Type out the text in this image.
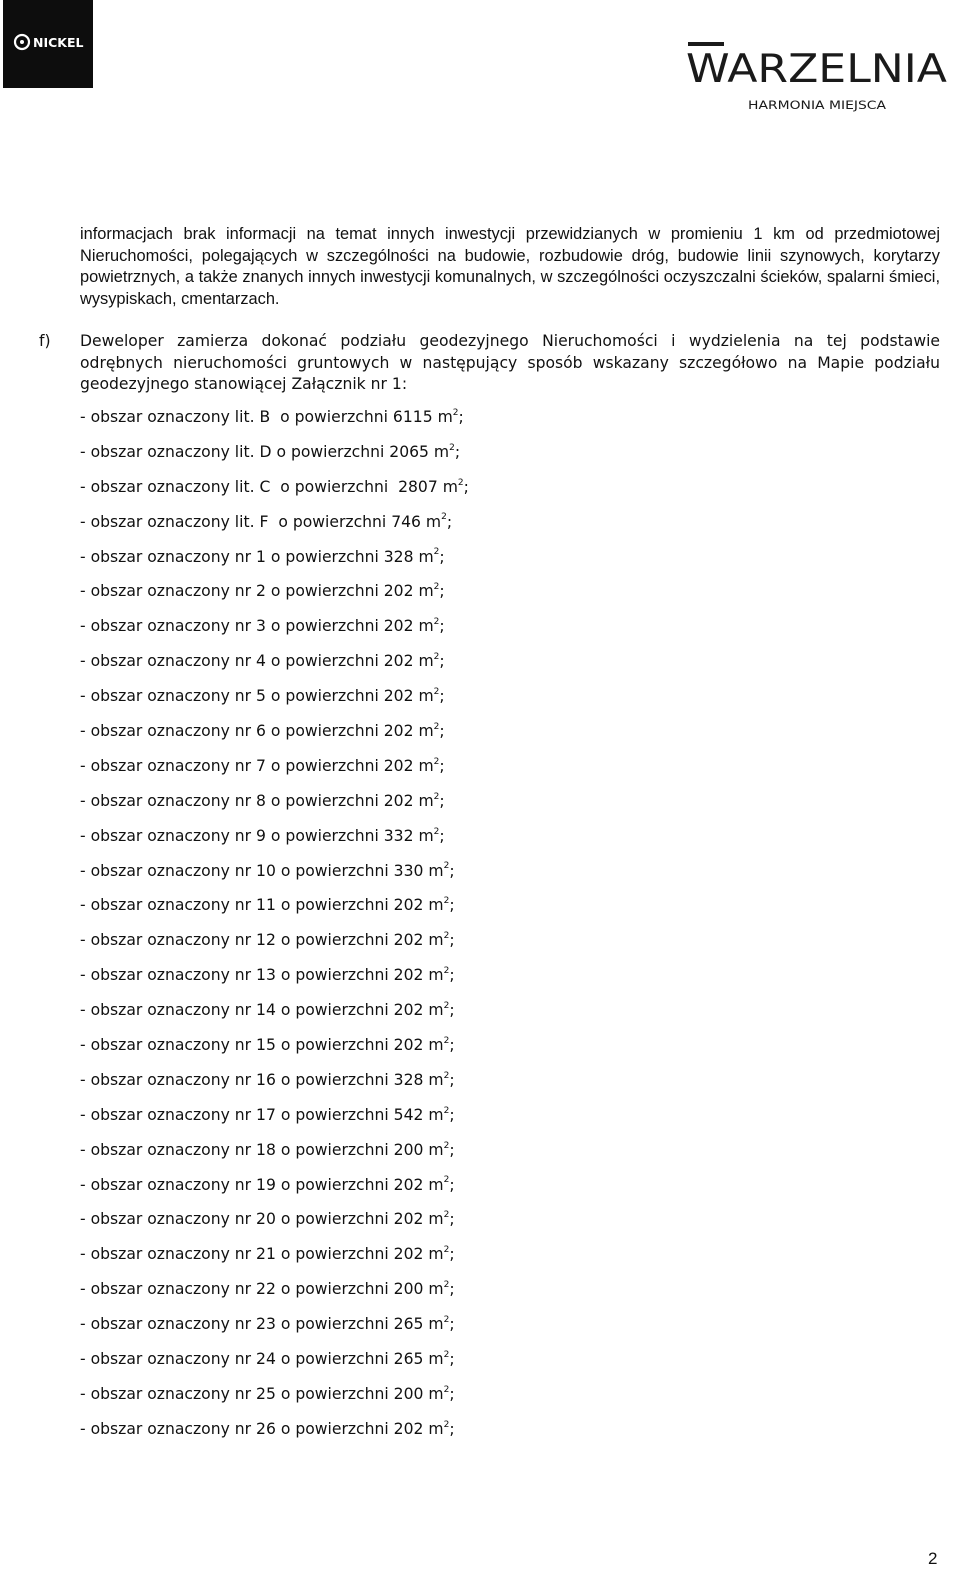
NICKEL
WARZELNIA
HARMONIA MIEJSCA

informacjach brak informacji na temat innych inwestycji przewidzianych w promieniu 1 km od przedmiotowej Nieruchomości, polegających w szczególności na budowie, rozbudowie dróg, budowie linii szynowych, korytarzy powietrznych, a także znanych innych inwestycji komunalnych, w szczególności oczyszczalni ścieków, spalarni śmieci, wysypiskach, cmentarzach.

f) Deweloper zamierza dokonać podziału geodezyjnego Nieruchomości i wydzielenia na tej podstawie odrębnych nieruchomości gruntowych w następujący sposób wskazany szczegółowo na Mapie podziału geodezyjnego stanowiącej Załącznik nr 1:

- obszar oznaczony lit. B  o powierzchni 6115 $m^2$;
- obszar oznaczony lit. D o powierzchni 2065 $m^2$;
- obszar oznaczony lit. C  o powierzchni  2807 $m^2$;
- obszar oznaczony lit. F  o powierzchni 746 $m^2$;
- obszar oznaczony nr 1 o powierzchni 328 $m^2$;
- obszar oznaczony nr 2 o powierzchni 202 $m^2$;
- obszar oznaczony nr 3 o powierzchni 202 $m^2$;
- obszar oznaczony nr 4 o powierzchni 202 $m^2$;
- obszar oznaczony nr 5 o powierzchni 202 $m^2$;
- obszar oznaczony nr 6 o powierzchni 202 $m^2$;
- obszar oznaczony nr 7 o powierzchni 202 $m^2$;
- obszar oznaczony nr 8 o powierzchni 202 $m^2$;
- obszar oznaczony nr 9 o powierzchni 332 $m^2$;
- obszar oznaczony nr 10 o powierzchni 330 $m^2$;
- obszar oznaczony nr 11 o powierzchni 202 $m^2$;
- obszar oznaczony nr 12 o powierzchni 202 $m^2$;
- obszar oznaczony nr 13 o powierzchni 202 $m^2$;
- obszar oznaczony nr 14 o powierzchni 202 $m^2$;
- obszar oznaczony nr 15 o powierzchni 202 $m^2$;
- obszar oznaczony nr 16 o powierzchni 328 $m^2$;
- obszar oznaczony nr 17 o powierzchni 542 $m^2$;
- obszar oznaczony nr 18 o powierzchni 200 $m^2$;
- obszar oznaczony nr 19 o powierzchni 202 $m^2$;
- obszar oznaczony nr 20 o powierzchni 202 $m^2$;
- obszar oznaczony nr 21 o powierzchni 202 $m^2$;
- obszar oznaczony nr 22 o powierzchni 200 $m^2$;
- obszar oznaczony nr 23 o powierzchni 265 $m^2$;
- obszar oznaczony nr 24 o powierzchni 265 $m^2$;
- obszar oznaczony nr 25 o powierzchni 200 $m^2$;
- obszar oznaczony nr 26 o powierzchni 202 $m^2$;
2
